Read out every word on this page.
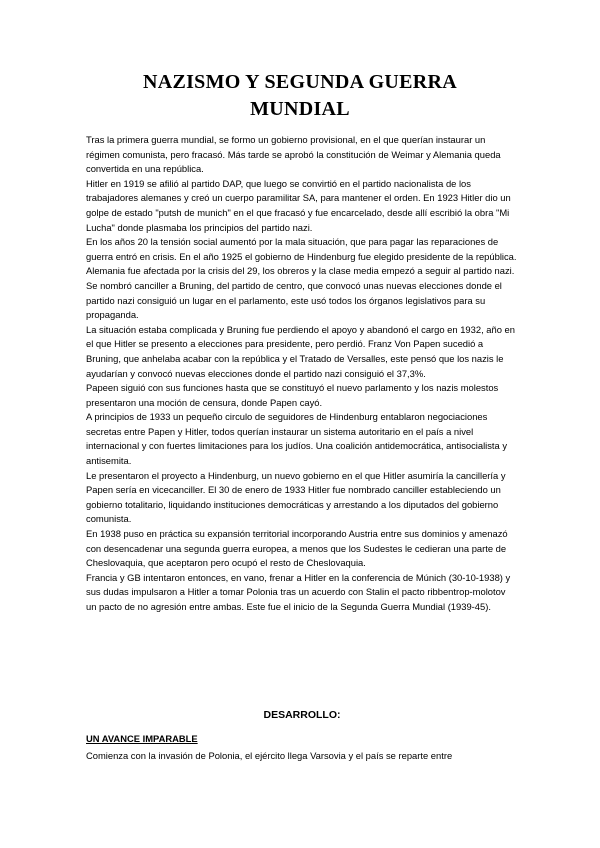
NAZISMO Y SEGUNDA GUERRA
MUNDIAL

Tras la primera guerra mundial, se formo un gobierno provisional, en el que querían instaurar un régimen comunista, pero fracasó. Más tarde se aprobó la constitución de Weimar y Alemania queda convertida en una república.

Hitler en 1919 se afilió al partido DAP, que luego se convirtió en el partido nacionalista de los trabajadores alemanes y creó un cuerpo paramilitar SA, para mantener el orden. En 1923 Hitler dio un golpe de estado "putsh de munich" en el que fracasó y fue encarcelado, desde allí escribió la obra "Mi Lucha" donde plasmaba los principios del partido nazi.

En los años 20 la tensión social aumentó por la mala situación, que para pagar las reparaciones de guerra entró en crisis. En el año 1925 el gobierno de Hindenburg fue elegido presidente de la república.

Alemania fue afectada por la crisis del 29, los obreros y la clase media empezó a seguir al partido nazi. Se nombró canciller a Bruning, del partido de centro, que convocó unas nuevas elecciones donde el partido nazi consiguió un lugar en el parlamento, este usó todos los órganos legislativos para su propaganda.

La situación estaba complicada y Bruning fue perdiendo el apoyo y abandonó el cargo en 1932, año en el que Hitler se presento a elecciones para presidente, pero perdió. Franz Von Papen sucedió a Bruning, que anhelaba acabar con la república y el Tratado de Versalles, este pensó que los nazis le ayudarían y convocó nuevas elecciones donde el partido nazi consiguió el 37,3%.

Papeen siguió con sus funciones hasta que se constituyó el nuevo parlamento y los nazis molestos presentaron una moción de censura, donde Papen cayó.

A principios de 1933 un pequeño circulo de seguidores de Hindenburg entablaron negociaciones secretas entre Papen y Hitler, todos querían instaurar un sistema autoritario en el país a nivel internacional y con fuertes limitaciones para los judíos. Una coalición antidemocrática, antisocialista y antisemita.

Le presentaron el proyecto a Hindenburg, un nuevo gobierno en el que Hitler asumiría la cancillería y Papen sería en vicecanciller. El 30 de enero de 1933 Hitler fue nombrado canciller estableciendo un gobierno totalitario, liquidando instituciones democráticas y arrestando a los diputados del gobierno comunista.

En 1938 puso en práctica su expansión territorial incorporando Austria entre sus dominios y amenazó con desencadenar una segunda guerra europea, a menos que los Sudestes le cedieran una parte de Cheslovaquia, que aceptaron pero ocupó el resto de Cheslovaquia.

Francia y GB intentaron entonces, en vano, frenar a Hitler en la conferencia de Múnich (30-10-1938) y sus dudas impulsaron a Hitler a tomar Polonia tras un acuerdo con Stalin el pacto ribbentrop-molotov un pacto de no agresión entre ambas. Este fue el inicio de la Segunda Guerra Mundial (1939-45).

DESARROLLO:
UN AVANCE IMPARABLE

Comienza con la invasión de Polonia, el ejército llega Varsovia y el país se reparte entre
